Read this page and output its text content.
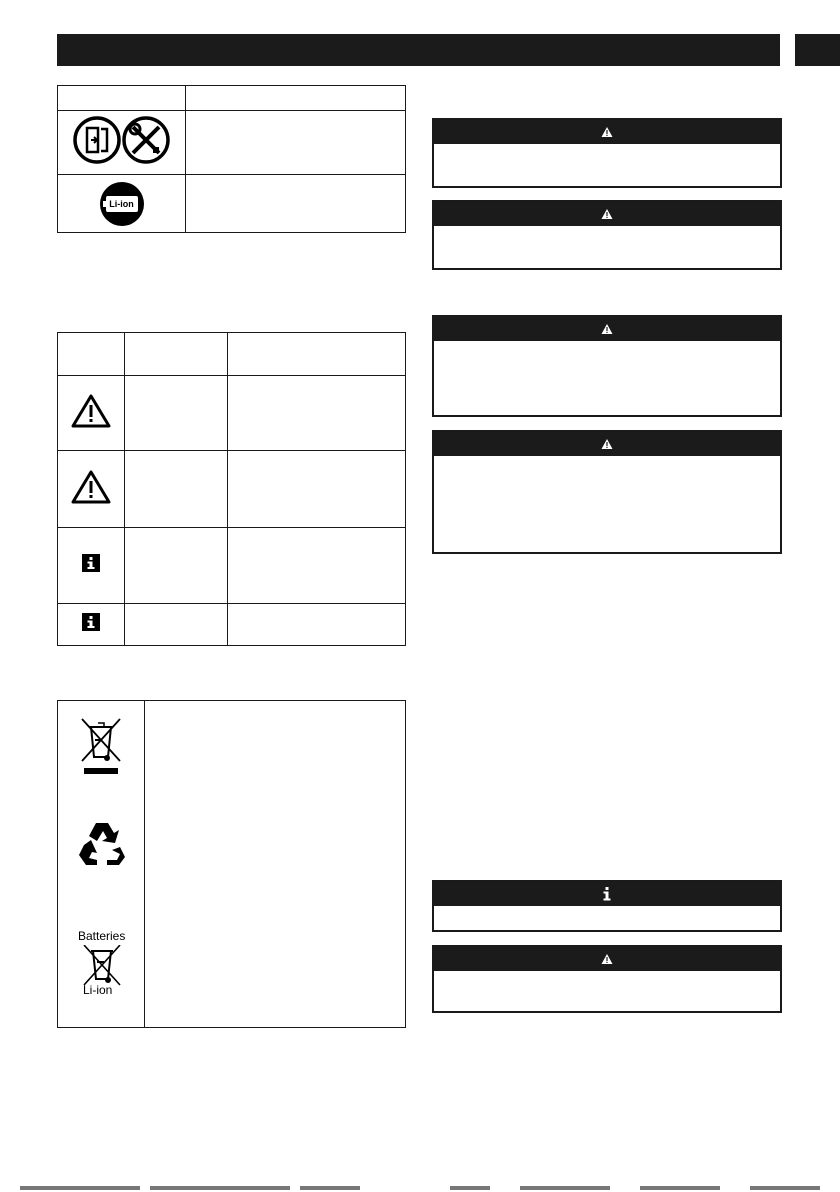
Li-ion	

Batteries
Li-ion
